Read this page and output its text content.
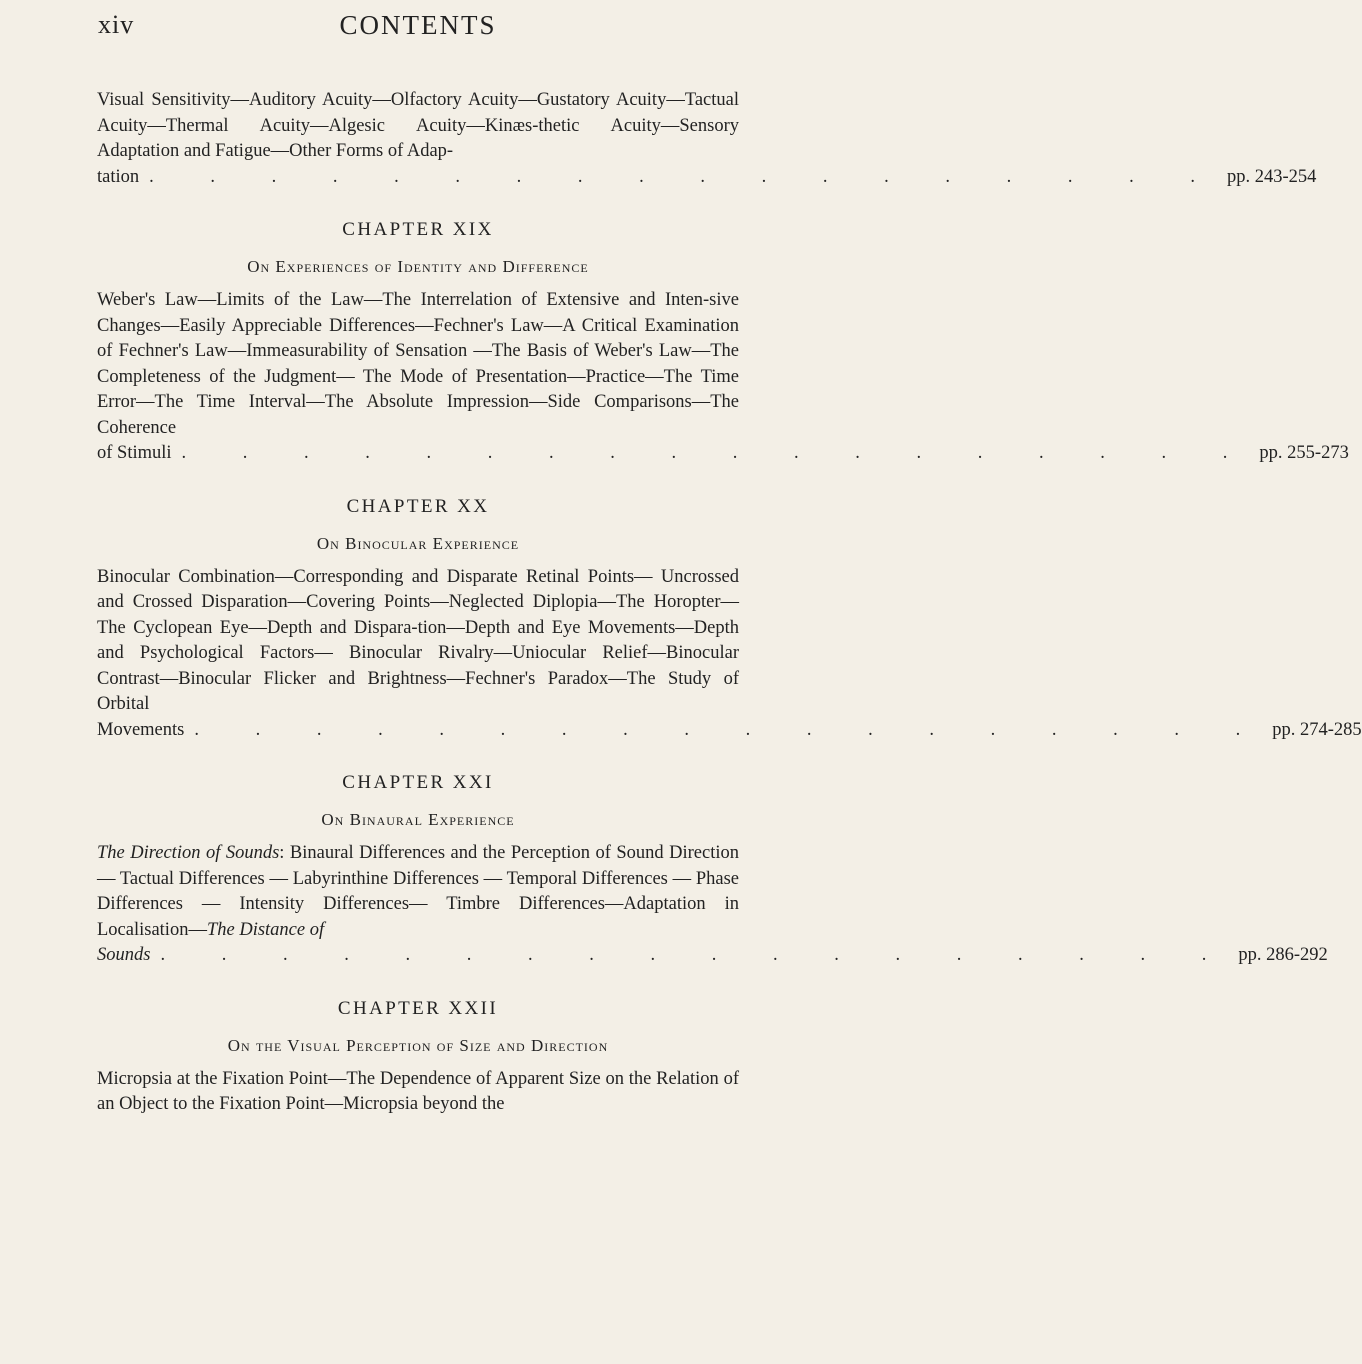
xiv	CONTENTS
Visual Sensitivity—Auditory Acuity—Olfactory Acuity—Gustatory Acuity—Tactual Acuity—Thermal Acuity—Algesic Acuity—Kinæs-thetic Acuity—Sensory Adaptation and Fatigue—Other Forms of Adap-
tation . . . . . . . . . . . . . . . . . . pp. 243-254
CHAPTER XIX
On Experiences of Identity and Difference
Weber's Law—Limits of the Law—The Interrelation of Extensive and Inten-sive Changes—Easily Appreciable Differences—Fechner's Law—A Critical Examination of Fechner's Law—Immeasurability of Sensation —The Basis of Weber's Law—The Completeness of the Judgment— The Mode of Presentation—Practice—The Time Error—The Time Interval—The Absolute Impression—Side Comparisons—The Coherence
of Stimuli . . . . . . . . . . . . . . . . . . pp. 255-273
CHAPTER XX
On Binocular Experience
Binocular Combination—Corresponding and Disparate Retinal Points— Uncrossed and Crossed Disparation—Covering Points—Neglected Diplopia—The Horopter—The Cyclopean Eye—Depth and Dispara-tion—Depth and Eye Movements—Depth and Psychological Factors— Binocular Rivalry—Uniocular Relief—Binocular Contrast—Binocular Flicker and Brightness—Fechner's Paradox—The Study of Orbital
Movements . . . . . . . . . . . . . . . . . . pp. 274-285
CHAPTER XXI
On Binaural Experience
The Direction of Sounds: Binaural Differences and the Perception of Sound Direction — Tactual Differences — Labyrinthine Differences — Temporal Differences — Phase Differences — Intensity Differences— Timbre Differences—Adaptation in Localisation—The Distance of
Sounds . . . . . . . . . . . . . . . . . . pp. 286-292
CHAPTER XXII
On the Visual Perception of Size and Direction
Micropsia at the Fixation Point—The Dependence of Apparent Size on the Relation of an Object to the Fixation Point—Micropsia beyond the
